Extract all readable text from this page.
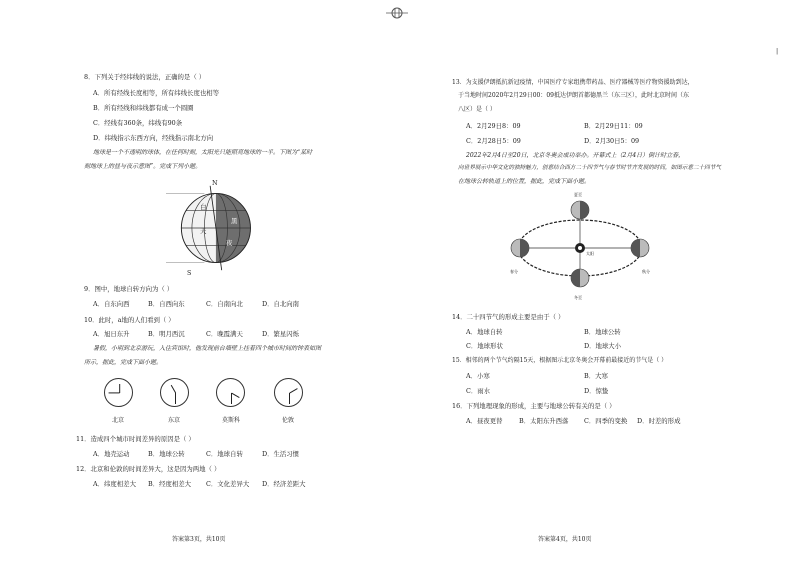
|
8．下列关于经纬线的说法，正确的是（ ）
A．所有经线长度相等，所有纬线长度也相等
B．所有经线和纬线都有成一个圆圈
C．经线有360条，纬线有90条
D．纬线指示东西方向，经线指示南北方向
地球是一个不透明的球体，在任何时刻，太阳光只能照亮地球的一半。下图为“某时
刻地球上的昼与夜示意图”。完成下列小题。
N
S
白
天
黑
夜
9．图中，地球自转方向为（ ）
A．自东向西	B．自西向东	C．自南向北	D．自北向南
10．此时，a地的人们看到（ ）
A．旭日东升	B．明月西沉	C．晚霞满天	D．繁星闪烁
暑假，小明到北京游玩，入住宾馆时，他发现前台墙壁上挂着四个城市时间的钟表如图
所示，据此，完成下面小题。
北京	东京	莫斯科	伦敦
11．造成四个城市时间差异的原因是（ ）
A．地壳运动	B．地球公转	C．地球自转	D．生活习惯
12．北京和伦敦的时间差异大，这是因为两地（ ）
A．纬度相差大 B．经度相差大 C．文化差异大 D．经济差距大
答案第3页，共10页
13．为支援伊朗抵抗新冠疫情，中国医疗专家组携带药品、医疗器械等医疗物资援助到达，
于当地时间2020年2月29日00：09抵达伊朗首都德黑兰（东三区），此时北京时间（东
八区）是（ ）
A．2月29日8：09	B．2月29日11：09
C．2月28日5：09	D．2月30日5：09
2022年2月4日至20日，北京冬奥会成功举办。开幕式上（2月4日）倒计时立春，
向世界展示中华文化的独特魅力，创意结合西方二十四节气与春节时节齐发展的时间，如图示意二十四节气
在地球公转轨道上的位置，据此，完成下面小题。
夏至
冬至
春分	秋分
太阳
14．二十四节气的形成主要是由于（ ）
A．地球自转	B．地球公转
C．地球形状	D．地球大小
15．相邻的两个节气约隔15天，根据图示北京冬奥会开幕前最接近的节气是（ ）
A．小寒	B．大寒
C．雨水	D．惊蛰
16．下列地理现象的形成，主要与地球公转有关的是（ ）
A．昼夜更替	B．太阳东升西落 C．四季的变换 D．时差的形成
答案第4页，共10页
